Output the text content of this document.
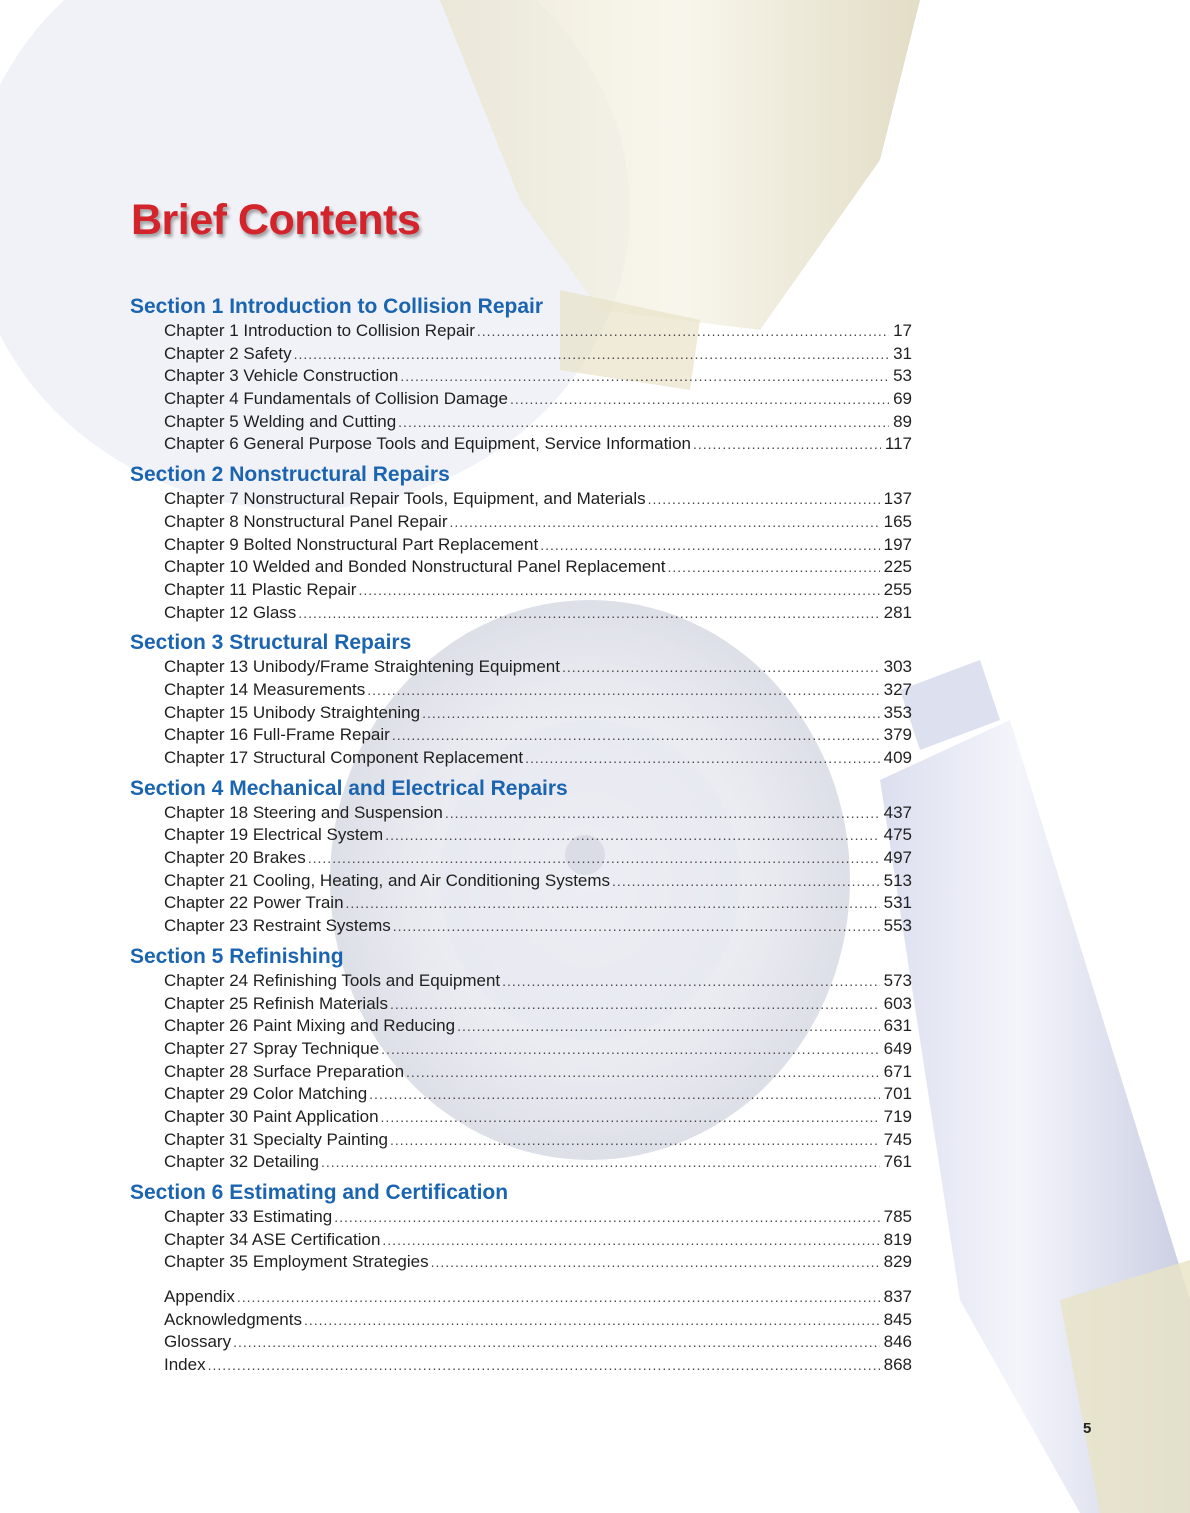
Brief Contents
Section 1 Introduction to Collision Repair
Chapter 1 Introduction to Collision Repair .....	17
Chapter 2 Safety .....	31
Chapter 3 Vehicle Construction .....	53
Chapter 4 Fundamentals of Collision Damage .....	69
Chapter 5 Welding and Cutting .....	89
Chapter 6 General Purpose Tools and Equipment, Service Information .....	117
Section 2 Nonstructural Repairs
Chapter 7 Nonstructural Repair Tools, Equipment, and Materials .....	137
Chapter 8 Nonstructural Panel Repair .....	165
Chapter 9 Bolted Nonstructural Part Replacement .....	197
Chapter 10 Welded and Bonded Nonstructural Panel Replacement .....	225
Chapter 11 Plastic Repair .....	255
Chapter 12 Glass .....	281
Section 3 Structural Repairs
Chapter 13 Unibody/Frame Straightening Equipment .....	303
Chapter 14 Measurements .....	327
Chapter 15 Unibody Straightening .....	353
Chapter 16 Full-Frame Repair .....	379
Chapter 17 Structural Component Replacement .....	409
Section 4 Mechanical and Electrical Repairs
Chapter 18 Steering and Suspension .....	437
Chapter 19 Electrical System .....	475
Chapter 20 Brakes .....	497
Chapter 21 Cooling, Heating, and Air Conditioning Systems .....	513
Chapter 22 Power Train .....	531
Chapter 23 Restraint Systems .....	553
Section 5 Refinishing
Chapter 24 Refinishing Tools and Equipment .....	573
Chapter 25 Refinish Materials .....	603
Chapter 26 Paint Mixing and Reducing .....	631
Chapter 27 Spray Technique .....	649
Chapter 28 Surface Preparation .....	671
Chapter 29 Color Matching .....	701
Chapter 30 Paint Application .....	719
Chapter 31 Specialty Painting .....	745
Chapter 32 Detailing .....	761
Section 6 Estimating and Certification
Chapter 33 Estimating .....	785
Chapter 34 ASE Certification .....	819
Chapter 35 Employment Strategies .....	829
Appendix .....	837
Acknowledgments .....	845
Glossary .....	846
Index .....	868
5
